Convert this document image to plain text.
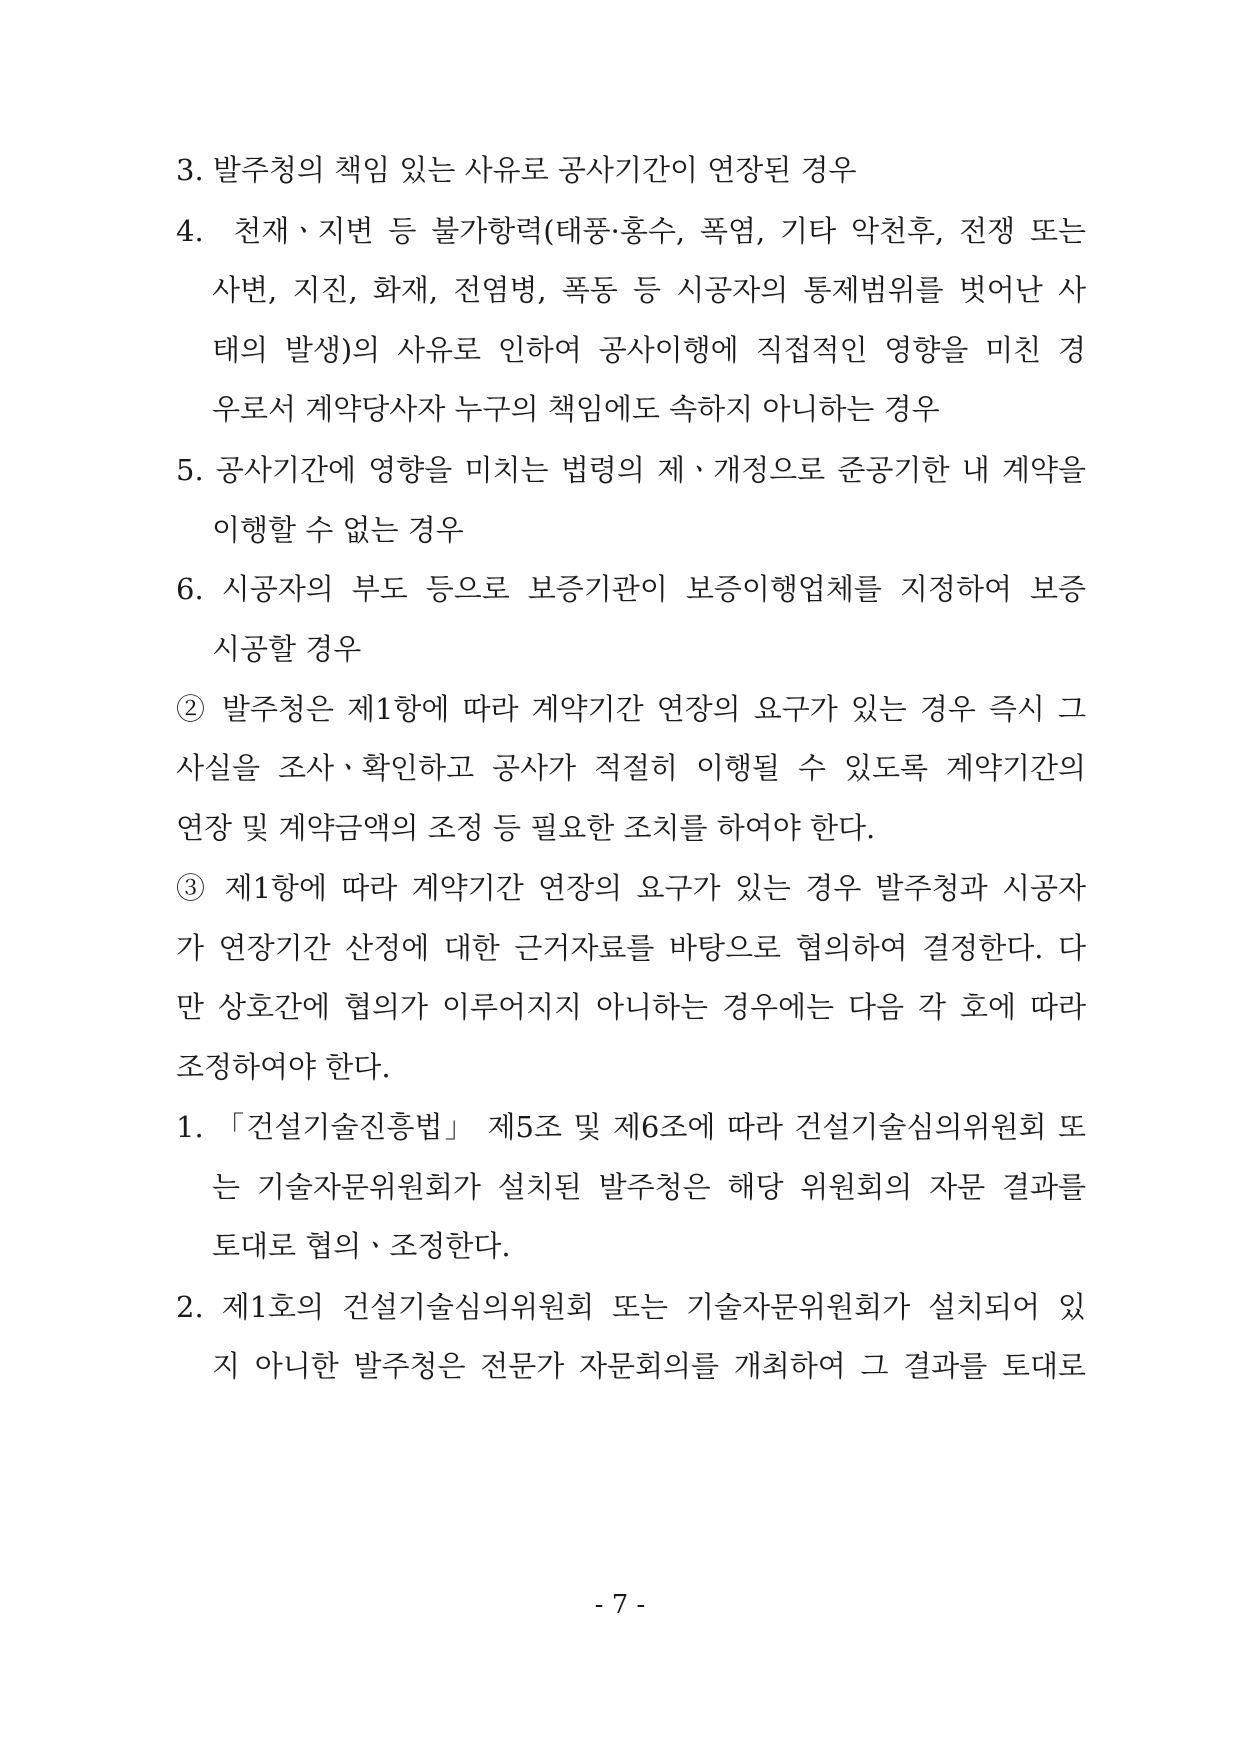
3. 발주청의 책임 있는 사유로 공사기간이 연장된 경우
4.  천재ㆍ지변 등 불가항력(태풍·홍수, 폭염, 기타 악천후, 전쟁 또는
사변, 지진, 화재, 전염병, 폭동 등 시공자의 통제범위를 벗어난 사
태의 발생)의 사유로 인하여 공사이행에 직접적인 영향을 미친 경
우로서 계약당사자 누구의 책임에도 속하지 아니하는 경우
5. 공사기간에 영향을 미치는 법령의 제ㆍ개정으로 준공기한 내 계약을
이행할 수 없는 경우
6. 시공자의 부도 등으로 보증기관이 보증이행업체를 지정하여 보증
시공할 경우
② 발주청은 제1항에 따라 계약기간 연장의 요구가 있는 경우 즉시 그
사실을 조사ㆍ확인하고 공사가 적절히 이행될 수 있도록 계약기간의
연장 및 계약금액의 조정 등 필요한 조치를 하여야 한다.
③ 제1항에 따라 계약기간 연장의 요구가 있는 경우 발주청과 시공자
가 연장기간 산정에 대한 근거자료를 바탕으로 협의하여 결정한다. 다
만 상호간에 협의가 이루어지지 아니하는 경우에는 다음 각 호에 따라
조정하여야 한다.
1. 「건설기술진흥법」 제5조 및 제6조에 따라 건설기술심의위원회 또
는 기술자문위원회가 설치된 발주청은 해당 위원회의 자문 결과를
토대로 협의ㆍ조정한다.
2. 제1호의 건설기술심의위원회 또는 기술자문위원회가 설치되어 있
지 아니한 발주청은 전문가 자문회의를 개최하여 그 결과를 토대로
- 7 -
